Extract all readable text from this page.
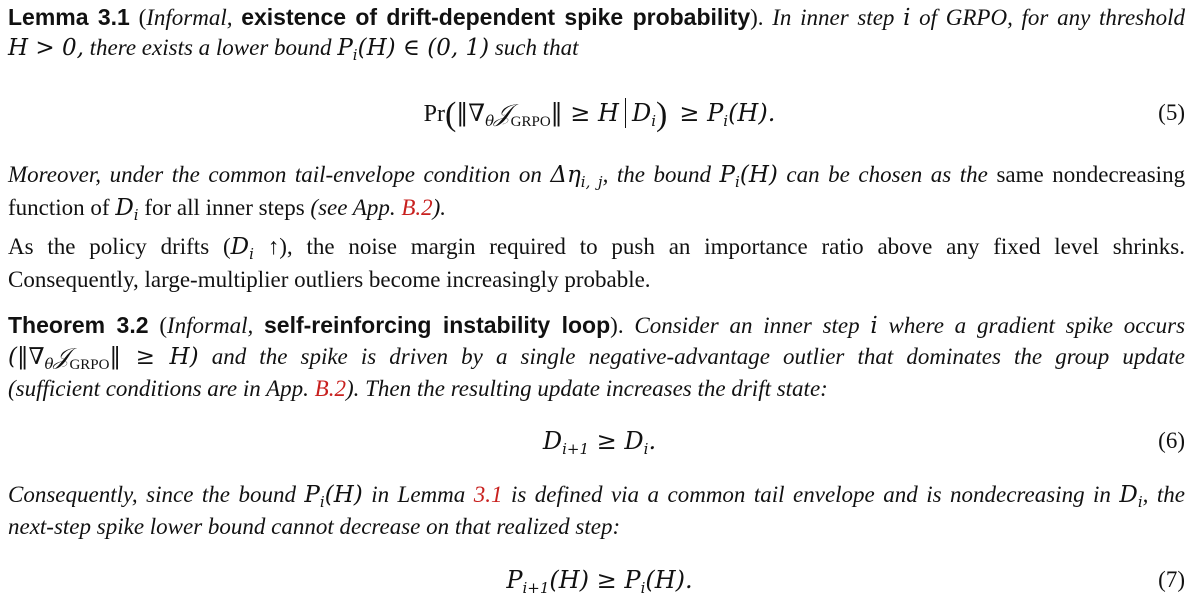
Lemma 3.1 (Informal, existence of drift-dependent spike probability). In inner step i of GRPO, for any threshold
H > 0, there exists a lower bound $P_i(H)$ ∈ (0, 1) such that
$Pr(‖\nabla_\theta 𝒥_{GRPO}‖ \ge H$ $D_i) \ge P_i(H)$.	(5)
Moreover, under the common tail-envelope condition on $\Delta\eta_{i, j}$, the bound $P_i(H)$ can be chosen as the same nondecreasing
function of $D_i$ for all inner steps (see App. B.2).
As the policy drifts ($D_i$ ↑), the noise margin required to push an importance ratio above any fixed level shrinks.
Consequently, large-multiplier outliers become increasingly probable.
Theorem 3.2 (Informal, self-reinforcing instability loop). Consider an inner step i where a gradient spike occurs
$(‖\nabla_\theta 𝒥_{GRPO}‖ \ge H)$ and the spike is driven by a single negative-advantage outlier that dominates the group update
(sufficient conditions are in App. B.2). Then the resulting update increases the drift state:
$D_{i+1} \ge D_i$.	(6)
Consequently, since the bound $P_i(H)$ in Lemma 3.1 is defined via a common tail envelope and is nondecreasing in $D_i$, the
next-step spike lower bound cannot decrease on that realized step:
$P_{i+1}(H) \ge P_i(H)$.	(7)
